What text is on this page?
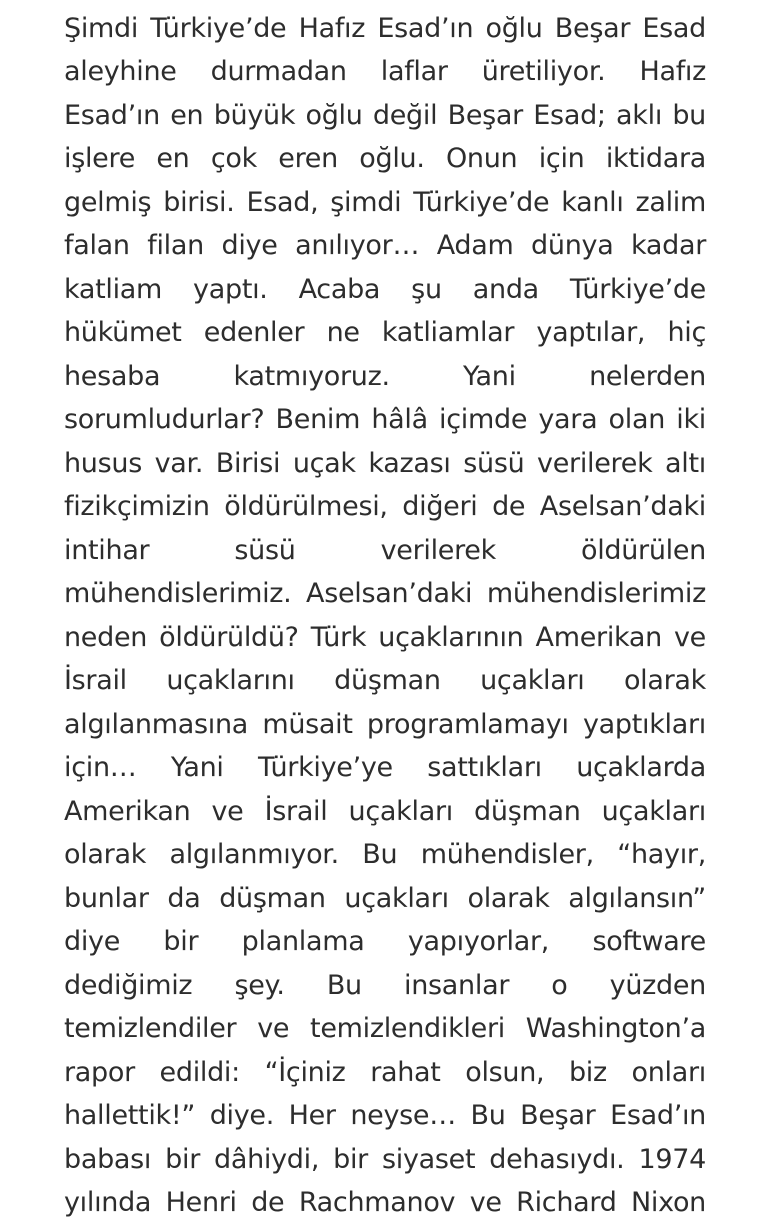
Şimdi Türkiye’de Hafız Esad’ın oğlu Beşar Esad
aleyhine durmadan laflar üretiliyor. Hafız
Esad’ın en büyük oğlu değil Beşar Esad; aklı bu
işlere en çok eren oğlu. Onun için iktidara
gelmiş birisi. Esad, şimdi Türkiye’de kanlı zalim
falan filan diye anılıyor… Adam dünya kadar
katliam yaptı. Acaba şu anda Türkiye’de
hükümet edenler ne katliamlar yaptılar, hiç
hesaba katmıyoruz. Yani nelerden
sorumludurlar? Benim hâlâ içimde yara olan iki
husus var. Birisi uçak kazası süsü verilerek altı
fizikçimizin öldürülmesi, diğeri de Aselsan’daki
intihar süsü verilerek öldürülen
mühendislerimiz. Aselsan’daki mühendislerimiz
neden öldürüldü? Türk uçaklarının Amerikan ve
İsrail uçaklarını düşman uçakları olarak
algılanmasına müsait programlamayı yaptıkları
için… Yani Türkiye’ye sattıkları uçaklarda
Amerikan ve İsrail uçakları düşman uçakları
olarak algılanmıyor. Bu mühendisler, “hayır,
bunlar da düşman uçakları olarak algılansın”
diye bir planlama yapıyorlar, software
dediğimiz şey. Bu insanlar o yüzden
temizlendiler ve temizlendikleri Washington’a
rapor edildi: “İçiniz rahat olsun, biz onları
hallettik!” diye. Her neyse… Bu Beşar Esad’ın
babası bir dâhiydi, bir siyaset dehasıydı. 1974
yılında Henri de Rachmanov ve Richard Nixon
